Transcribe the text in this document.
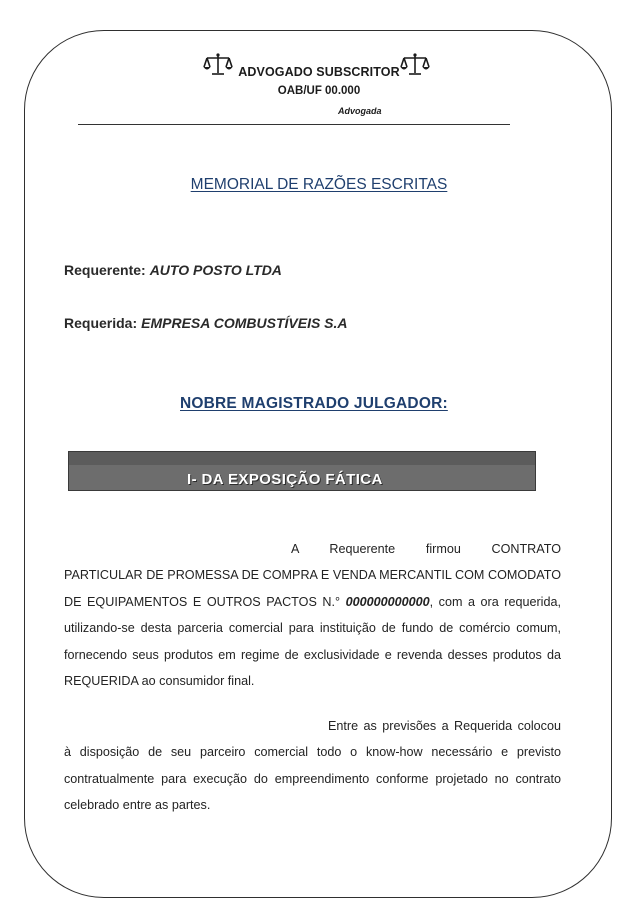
ADVOGADO SUBSCRITOR
OAB/UF 00.000
Advogada
MEMORIAL DE RAZÕES ESCRITAS
Requerente: AUTO POSTO LTDA
Requerida: EMPRESA COMBUSTÍVEIS S.A
NOBRE MAGISTRADO JULGADOR:
I- DA EXPOSIÇÃO FÁTICA
A Requerente firmou CONTRATO PARTICULAR DE PROMESSA DE COMPRA E VENDA MERCANTIL COM COMODATO DE EQUIPAMENTOS E OUTROS PACTOS N.° 000000000000, com a ora requerida, utilizando-se desta parceria comercial para instituição de fundo de comércio comum, fornecendo seus produtos em regime de exclusividade e revenda desses produtos da REQUERIDA ao consumidor final.
Entre as previsões a Requerida colocou à disposição de seu parceiro comercial todo o know-how necessário e previsto contratualmente para execução do empreendimento conforme projetado no contrato celebrado entre as partes.
